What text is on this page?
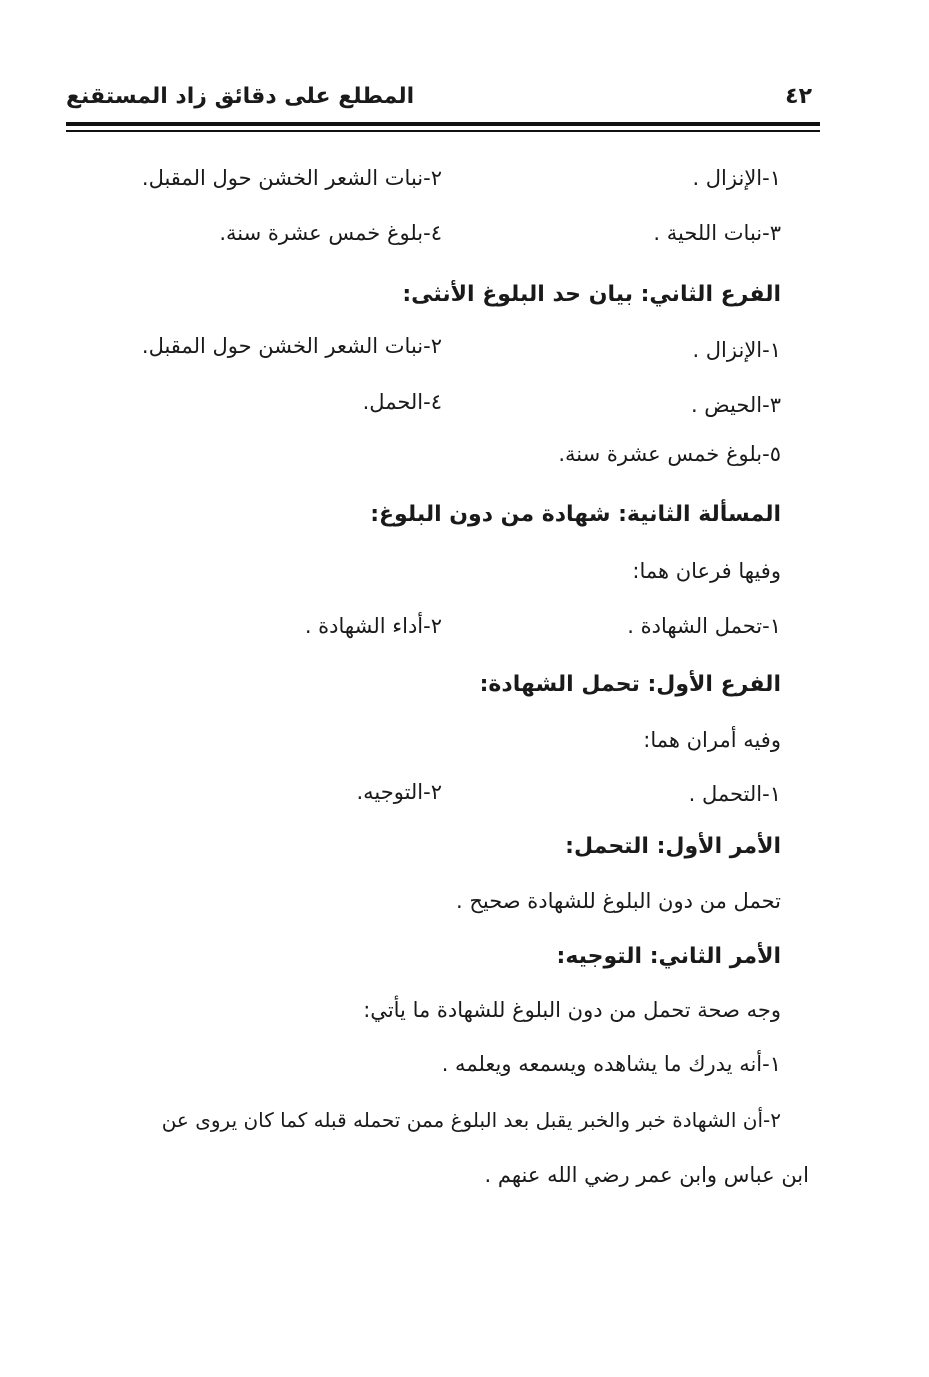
٤٢
المطلع على دقائق زاد المستقنع
١-الإنزال .
٢-نبات الشعر الخشن حول المقبل.
٣-نبات اللحية .
٤-بلوغ خمس عشرة سنة.
الفرع الثاني: بيان حد البلوغ الأنثى:
١-الإنزال .
٢-نبات الشعر الخشن حول المقبل.
٣-الحيض .
٤-الحمل.
٥-بلوغ خمس عشرة سنة.
المسألة الثانية: شهادة من دون البلوغ:
وفيها فرعان هما:
١-تحمل الشهادة .
٢-أداء الشهادة .
الفرع الأول: تحمل الشهادة:
وفيه أمران هما:
١-التحمل .
٢-التوجيه.
الأمر الأول: التحمل:
تحمل من دون البلوغ للشهادة صحيح .
الأمر الثاني: التوجيه:
وجه صحة تحمل من دون البلوغ للشهادة ما يأتي:
١-أنه يدرك ما يشاهده ويسمعه ويعلمه .
٢-أن الشهادة خبر والخبر يقبل بعد البلوغ ممن تحمله قبله كما كان يروى عن
ابن عباس وابن عمر رضي الله عنهم .
